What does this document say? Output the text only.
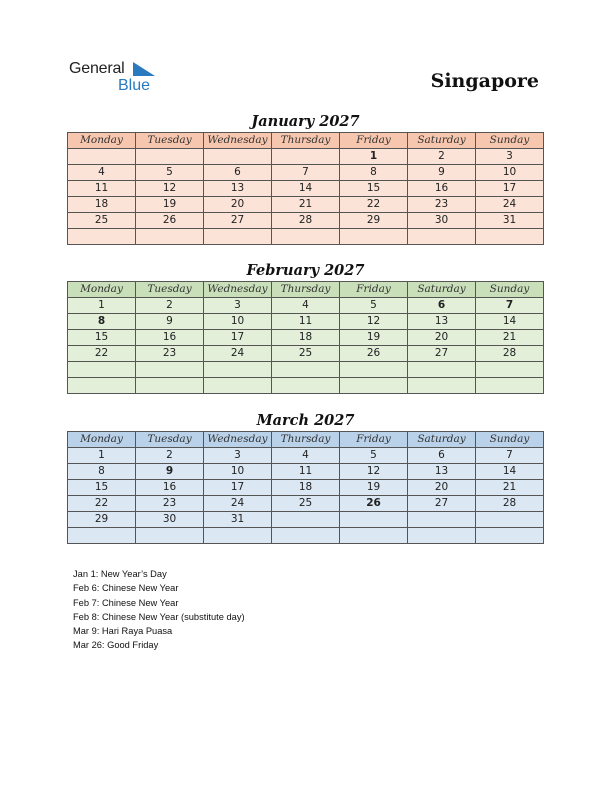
General
Blue	Singapore
January 2027
Monday	Tuesday	Wednesday	Thursday	Friday	Saturday	Sunday
				1	2	3
4	5	6	7	8	9	10
11	12	13	14	15	16	17
18	19	20	21	22	23	24
25	26	27	28	29	30	31

February 2027
Monday	Tuesday	Wednesday	Thursday	Friday	Saturday	Sunday
1	2	3	4	5	6	7
8	9	10	11	12	13	14
15	16	17	18	19	20	21
22	23	24	25	26	27	28

March 2027
Monday	Tuesday	Wednesday	Thursday	Friday	Saturday	Sunday
1	2	3	4	5	6	7
8	9	10	11	12	13	14
15	16	17	18	19	20	21
22	23	24	25	26	27	28
29	30	31				

Jan 1: New Year’s Day
Feb 6: Chinese New Year
Feb 7: Chinese New Year
Feb 8: Chinese New Year (substitute day)
Mar 9: Hari Raya Puasa
Mar 26: Good Friday
